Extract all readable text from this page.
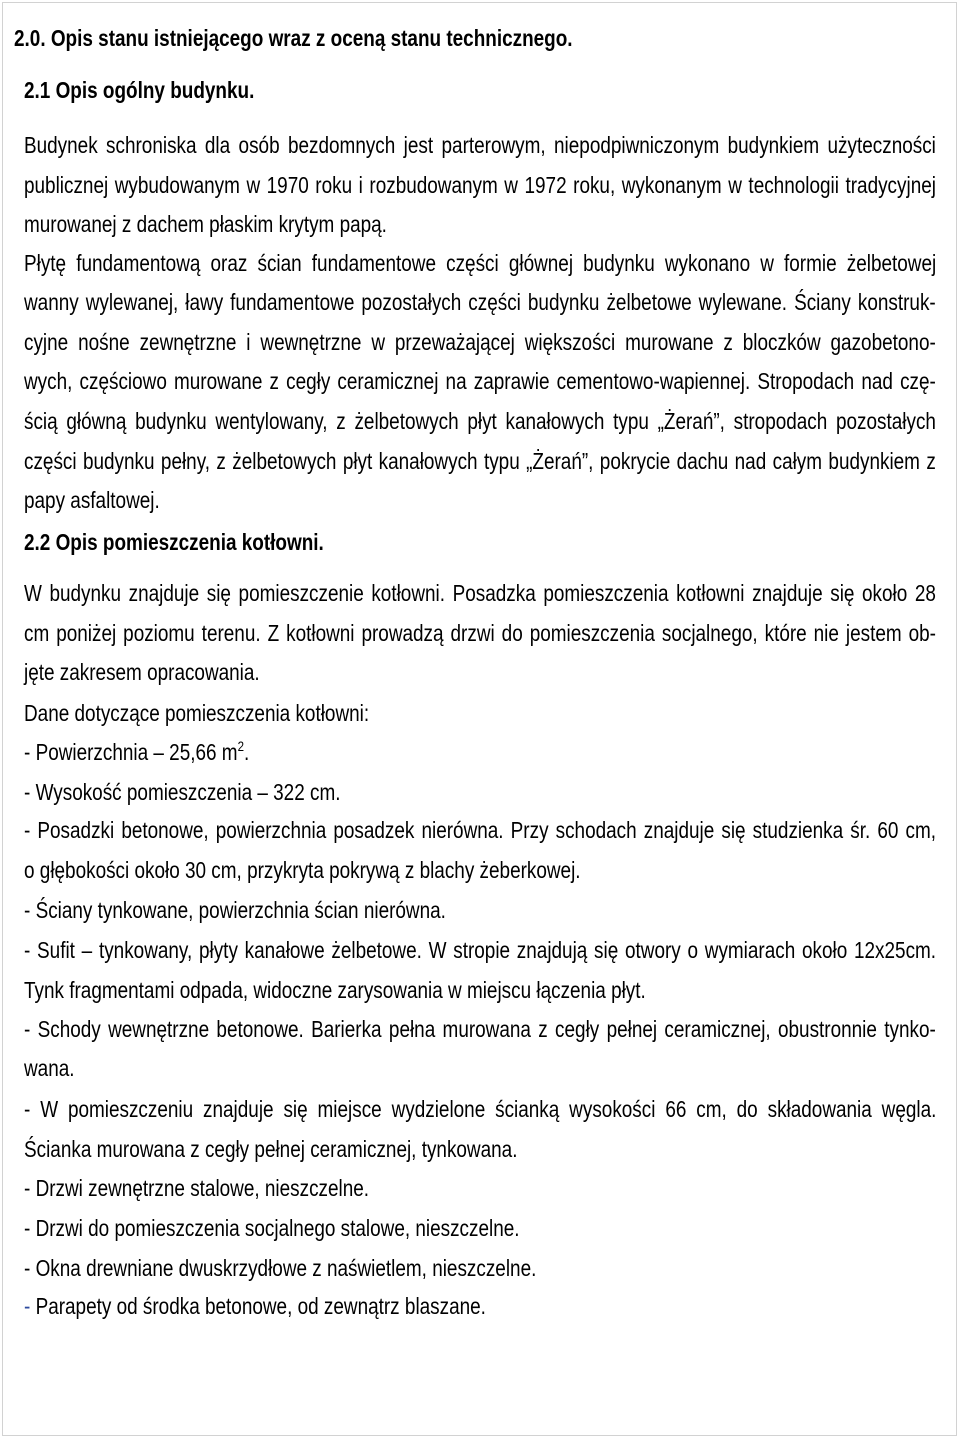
2.0. Opis stanu istniejącego wraz z oceną stanu technicznego.
2.1 Opis ogólny budynku.
Budynek schroniska dla osób bezdomnych jest parterowym, niepodpiwniczonym budynkiem użyteczności
publicznej wybudowanym w 1970 roku i rozbudowanym w 1972 roku, wykonanym w technologii tradycyjnej
murowanej z dachem płaskim krytym papą.
Płytę fundamentową oraz ścian fundamentowe części głównej budynku wykonano w formie żelbetowej
wanny wylewanej, ławy fundamentowe pozostałych części budynku żelbetowe wylewane. Ściany konstruk-
cyjne nośne zewnętrzne i wewnętrzne w przeważającej większości murowane z bloczków gazobetono-
wych, częściowo murowane z cegły ceramicznej na zaprawie cementowo-wapiennej. Stropodach nad czę-
ścią główną budynku wentylowany, z żelbetowych płyt kanałowych typu „Żerań”, stropodach pozostałych
części budynku pełny, z żelbetowych płyt kanałowych typu „Żerań”, pokrycie dachu nad całym budynkiem z
papy asfaltowej.
2.2 Opis pomieszczenia kotłowni.
W budynku znajduje się pomieszczenie kotłowni. Posadzka pomieszczenia kotłowni znajduje się około 28
cm poniżej poziomu terenu. Z kotłowni prowadzą drzwi do pomieszczenia socjalnego, które nie jestem ob-
jęte zakresem opracowania.
Dane dotyczące pomieszczenia kotłowni:
- Powierzchnia – 25,66 $m^2$.
- Wysokość pomieszczenia – 322 cm.
- Posadzki betonowe, powierzchnia posadzek nierówna. Przy schodach znajduje się studzienka śr. 60 cm,
o głębokości około 30 cm, przykryta pokrywą z blachy żeberkowej.
- Ściany tynkowane, powierzchnia ścian nierówna.
- Sufit – tynkowany, płyty kanałowe żelbetowe. W stropie znajdują się otwory o wymiarach około 12x25cm.
Tynk fragmentami odpada, widoczne zarysowania w miejscu łączenia płyt.
- Schody wewnętrzne betonowe. Barierka pełna murowana z cegły pełnej ceramicznej, obustronnie tynko-
wana.
- W pomieszczeniu znajduje się miejsce wydzielone ścianką wysokości 66 cm, do składowania węgla.
Ścianka murowana z cegły pełnej ceramicznej, tynkowana.
- Drzwi zewnętrzne stalowe, nieszczelne.
- Drzwi do pomieszczenia socjalnego stalowe, nieszczelne.
- Okna drewniane dwuskrzydłowe z naświetlem, nieszczelne.
- Parapety od środka betonowe, od zewnątrz blaszane.
